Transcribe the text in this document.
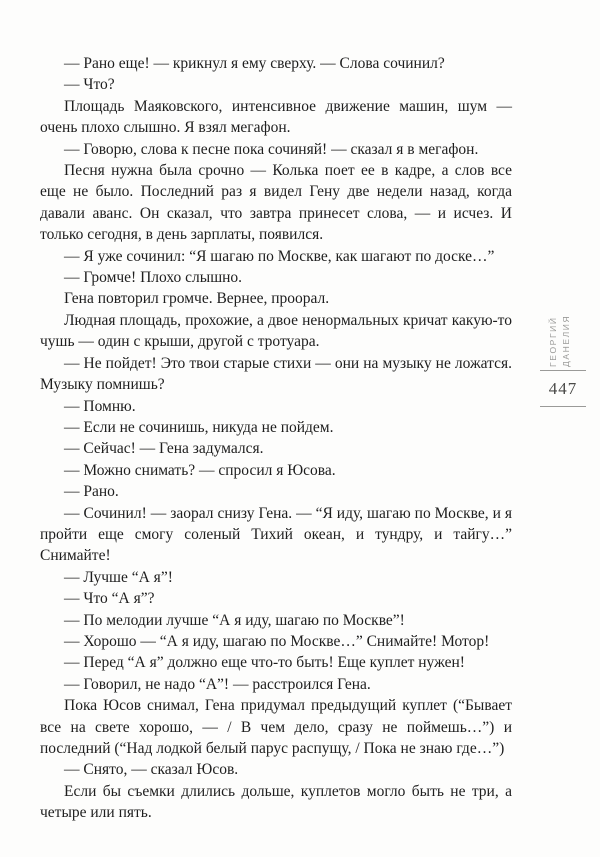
— Рано еще! — крикнул я ему сверху. — Слова сочинил?

— Что?

Площадь Маяковского, интенсивное движение машин, шум — очень плохо слышно. Я взял мегафон.

— Говорю, слова к песне пока сочиняй! — сказал я в мегафон.

Песня нужна была срочно — Колька поет ее в кадре, а слов все еще не было. Последний раз я видел Гену две недели назад, когда давали аванс. Он сказал, что завтра принесет слова, — и исчез. И только сегодня, в день зарплаты, появился.

— Я уже сочинил: “Я шагаю по Москве, как шагают по доске…”

— Громче! Плохо слышно.

Гена повторил громче. Вернее, проорал.

Людная площадь, прохожие, а двое ненормальных кричат какую-то чушь — один с крыши, другой с тротуара.

— Не пойдет! Это твои старые стихи — они на музыку не ложатся. Музыку помнишь?

— Помню.

— Если не сочинишь, никуда не пойдем.

— Сейчас! — Гена задумался.

— Можно снимать? — спросил я Юсова.

— Рано.

— Сочинил! — заорал снизу Гена. — “Я иду, шагаю по Москве, и я пройти еще смогу соленый Тихий океан, и тундру, и тайгу…” Снимайте!

— Лучше “А я”!

— Что “А я”?

— По мелодии лучше “А я иду, шагаю по Москве”!

— Хорошо — “А я иду, шагаю по Москве…” Снимайте! Мотор!

— Перед “А я” должно еще что-то быть! Еще куплет нужен!

— Говорил, не надо “А”! — расстроился Гена.

Пока Юсов снимал, Гена придумал предыдущий куплет (“Бывает все на свете хорошо, — / В чем дело, сразу не поймешь…”) и последний (“Над лодкой белый парус распущу, / Пока не знаю где…”)

— Снято, — сказал Юсов.

Если бы съемки длились дольше, куплетов могло быть не три, а четыре или пять.

ГЕОРГИЙ ДАНЕЛИЯ
447
